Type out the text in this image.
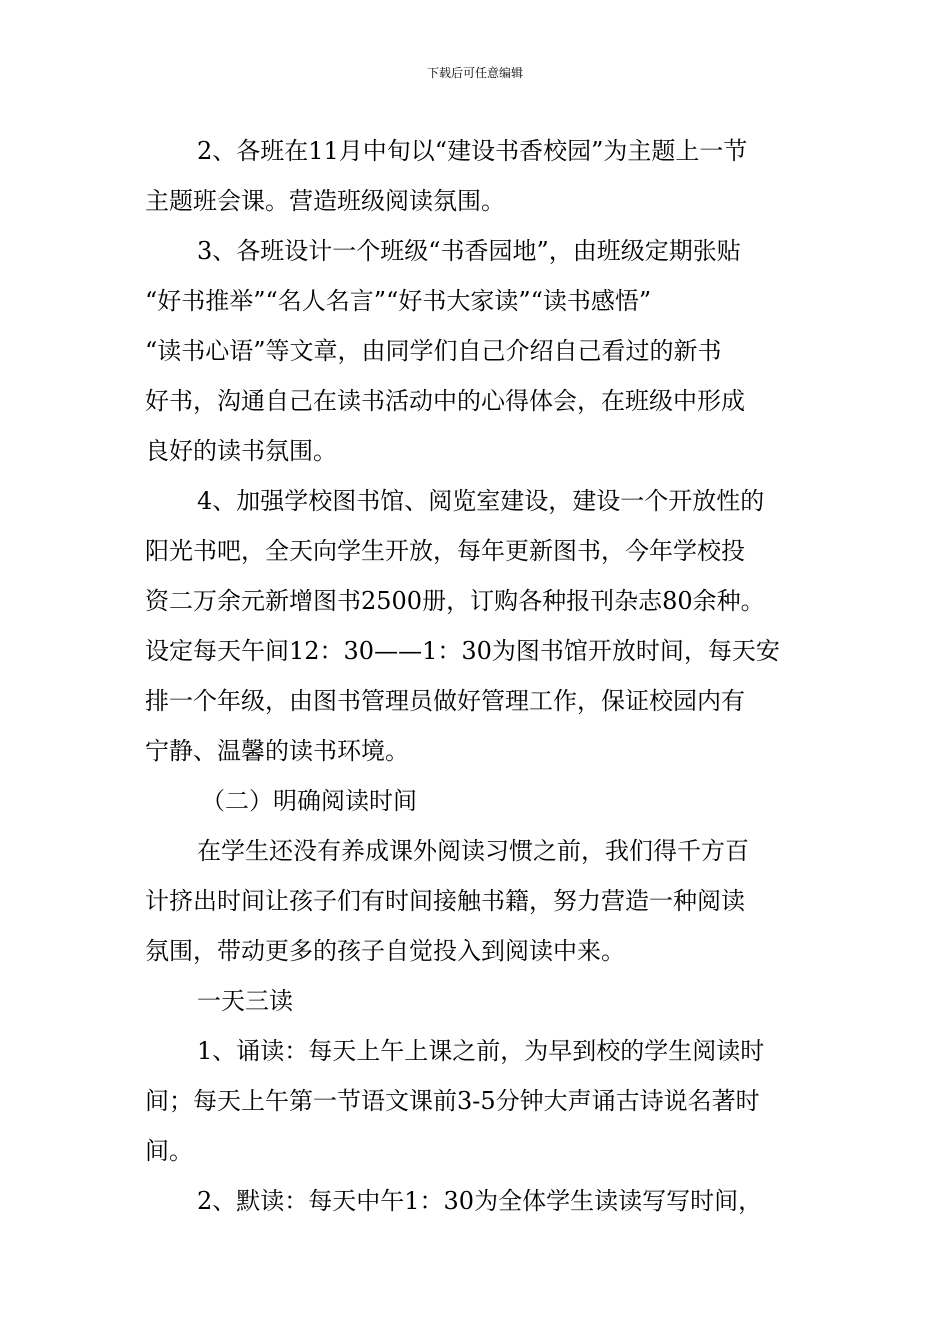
下载后可任意编辑
2、各班在11月中旬以“建设书香校园”为主题上一节
主题班会课。营造班级阅读氛围。
3、各班设计一个班级“书香园地”，由班级定期张贴
“好书推举”“名人名言”“好书大家读”“读书感悟”
“读书心语”等文章，由同学们自己介绍自己看过的新书
好书，沟通自己在读书活动中的心得体会，在班级中形成
良好的读书氛围。
4、加强学校图书馆、阅览室建设，建设一个开放性的
阳光书吧，全天向学生开放，每年更新图书，今年学校投
资二万余元新增图书2500册，订购各种报刊杂志80余种。
设定每天午间12：30——1：30为图书馆开放时间，每天安
排一个年级，由图书管理员做好管理工作，保证校园内有
宁静、温馨的读书环境。
（二）明确阅读时间
在学生还没有养成课外阅读习惯之前，我们得千方百
计挤出时间让孩子们有时间接触书籍，努力营造一种阅读
氛围，带动更多的孩子自觉投入到阅读中来。
一天三读
1、诵读：每天上午上课之前，为早到校的学生阅读时
间；每天上午第一节语文课前3-5分钟大声诵古诗说名著时
间。
2、默读：每天中午1：30为全体学生读读写写时间，
